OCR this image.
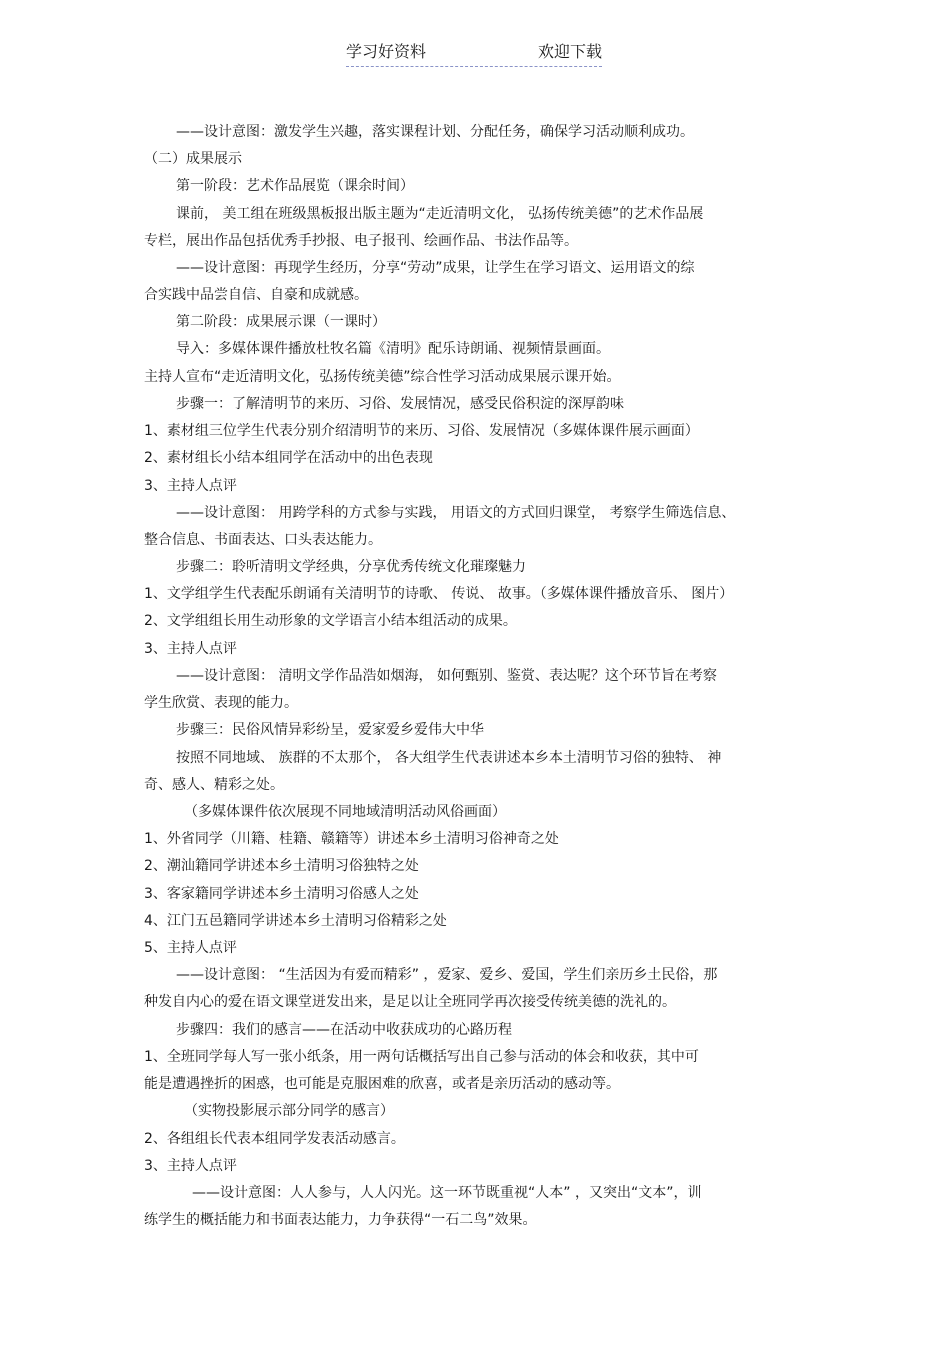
学习好资料	欢迎下载
——设计意图：激发学生兴趣，落实课程计划、分配任务，确保学习活动顺利成功。
（二）成果展示
第一阶段：艺术作品展览（课余时间）
课前， 美工组在班级黑板报出版主题为“走近清明文化， 弘扬传统美德”的艺术作品展
专栏，展出作品包括优秀手抄报、电子报刊、绘画作品、书法作品等。
——设计意图：再现学生经历，分享“劳动”成果，让学生在学习语文、运用语文的综
合实践中品尝自信、自豪和成就感。
第二阶段：成果展示课（一课时）
导入：多媒体课件播放杜牧名篇《清明》配乐诗朗诵、视频情景画面。
主持人宣布“走近清明文化，弘扬传统美德”综合性学习活动成果展示课开始。
步骤一：了解清明节的来历、习俗、发展情况，感受民俗积淀的深厚韵味
1、素材组三位学生代表分别介绍清明节的来历、习俗、发展情况（多媒体课件展示画面）
2、素材组长小结本组同学在活动中的出色表现
3、主持人点评
——设计意图： 用跨学科的方式参与实践， 用语文的方式回归课堂， 考察学生筛选信息、
整合信息、书面表达、口头表达能力。
步骤二：聆听清明文学经典，分享优秀传统文化璀璨魅力
1、文学组学生代表配乐朗诵有关清明节的诗歌、 传说、 故事。（多媒体课件播放音乐、 图片）
2、文学组组长用生动形象的文学语言小结本组活动的成果。
3、主持人点评
——设计意图： 清明文学作品浩如烟海， 如何甄别、鉴赏、表达呢？这个环节旨在考察
学生欣赏、表现的能力。
步骤三：民俗风情异彩纷呈，爱家爱乡爱伟大中华
按照不同地域、 族群的不太那个， 各大组学生代表讲述本乡本土清明节习俗的独特、 神
奇、感人、精彩之处。
（多媒体课件依次展现不同地域清明活动风俗画面）
1、外省同学（川籍、桂籍、赣籍等）讲述本乡土清明习俗神奇之处
2、潮汕籍同学讲述本乡土清明习俗独特之处
3、客家籍同学讲述本乡土清明习俗感人之处
4、江门五邑籍同学讲述本乡土清明习俗精彩之处
5、主持人点评
——设计意图： “生活因为有爱而精彩” ，爱家、爱乡、爱国，学生们亲历乡土民俗，那
种发自内心的爱在语文课堂迸发出来，是足以让全班同学再次接受传统美德的洗礼的。
步骤四：我们的感言——在活动中收获成功的心路历程
1、全班同学每人写一张小纸条，用一两句话概括写出自己参与活动的体会和收获，其中可
能是遭遇挫折的困惑，也可能是克服困难的欣喜，或者是亲历活动的感动等。
（实物投影展示部分同学的感言）
2、各组组长代表本组同学发表活动感言。
3、主持人点评
——设计意图：人人参与，人人闪光。这一环节既重视“人本” ，又突出“文本”，训
练学生的概括能力和书面表达能力，力争获得“一石二鸟”效果。
